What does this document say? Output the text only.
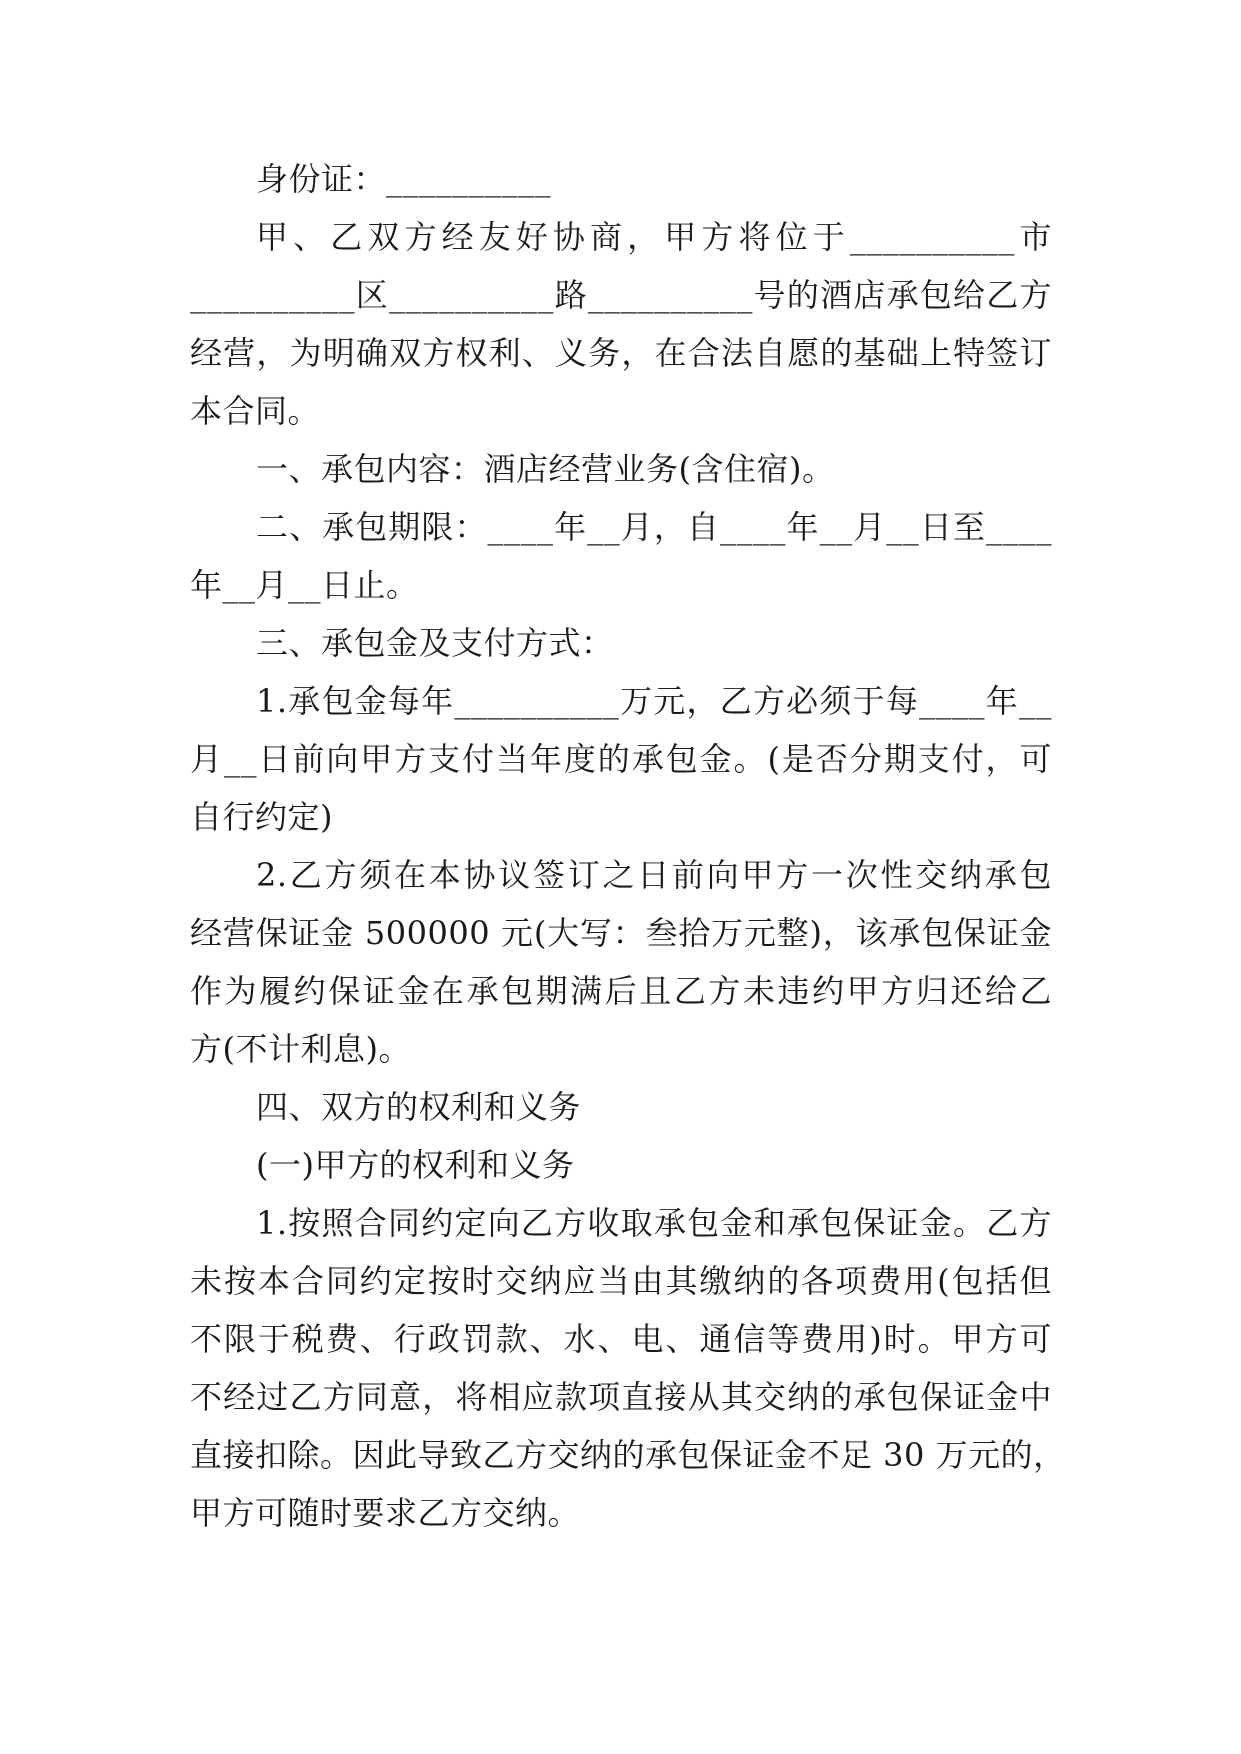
身份证：__________
甲、乙双方经友好协商，甲方将位于__________市
__________区__________路__________号的酒店承包给乙方
经营，为明确双方权利、义务，在合法自愿的基础上特签订
本合同。
一、承包内容：酒店经营业务(含住宿)。
二、承包期限：____年__月，自____年__月__日至____
年__月__日止。
三、承包金及支付方式：
1.承包金每年__________万元，乙方必须于每____年__
月__日前向甲方支付当年度的承包金。(是否分期支付，可
自行约定)
2.乙方须在本协议签订之日前向甲方一次性交纳承包
经营保证金 500000 元(大写：叁拾万元整)，该承包保证金
作为履约保证金在承包期满后且乙方未违约甲方归还给乙
方(不计利息)。
四、双方的权利和义务
(一)甲方的权利和义务
1.按照合同约定向乙方收取承包金和承包保证金。乙方
未按本合同约定按时交纳应当由其缴纳的各项费用(包括但
不限于税费、行政罚款、水、电、通信等费用)时。甲方可
不经过乙方同意，将相应款项直接从其交纳的承包保证金中
直接扣除。因此导致乙方交纳的承包保证金不足 30 万元的，
甲方可随时要求乙方交纳。
